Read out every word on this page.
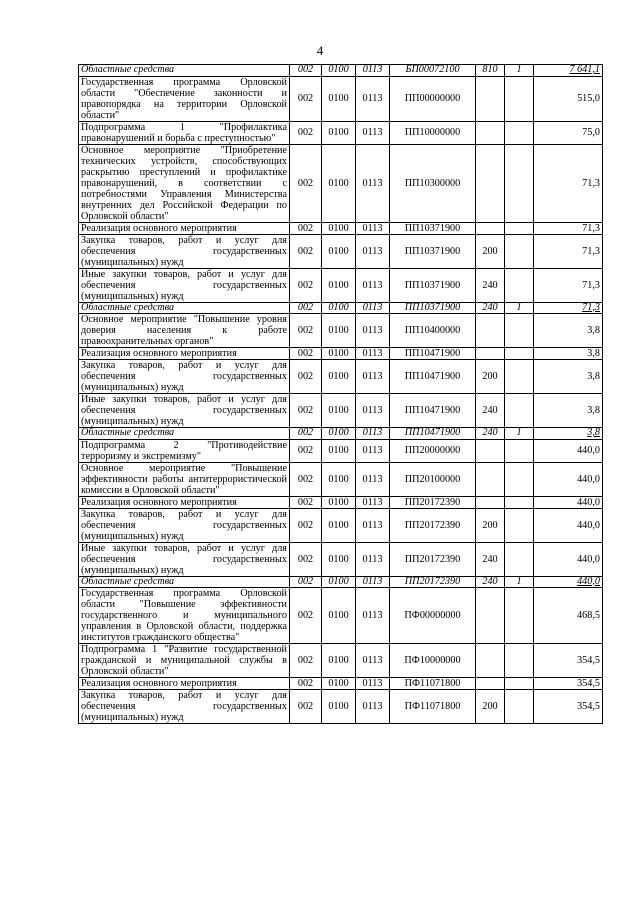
4
Областные средства	002	0100	0113	БП00072100	810	1	7 641,1
Государственная программа Орловской области "Обеспечение законности и правопорядка на территории Орловской области"	002	0100	0113	ПП00000000			515,0
Подпрограмма 1 "Профилактика правонарушений и борьба с преступностью"	002	0100	0113	ПП10000000			75,0
Основное мероприятие "Приобретение технических устройств, способствующих раскрытию преступлений и профилактике правонарушений, в соответствии с потребностями Управления Министерства внутренних дел Российской Федерации по Орловской области"	002	0100	0113	ПП10300000			71,3
Реализация основного мероприятия	002	0100	0113	ПП10371900			71,3
Закупка товаров, работ и услуг для обеспечения государственных (муниципальных) нужд	002	0100	0113	ПП10371900	200		71,3
Иные закупки товаров, работ и услуг для обеспечения государственных (муниципальных) нужд	002	0100	0113	ПП10371900	240		71,3
Областные средства	002	0100	0113	ПП10371900	240	1	71,3
Основное мероприятие "Повышение уровня доверия населения к работе правоохранительных органов"	002	0100	0113	ПП10400000			3,8
Реализация основного мероприятия	002	0100	0113	ПП10471900			3,8
Закупка товаров, работ и услуг для обеспечения государственных (муниципальных) нужд	002	0100	0113	ПП10471900	200		3,8
Иные закупки товаров, работ и услуг для обеспечения государственных (муниципальных) нужд	002	0100	0113	ПП10471900	240		3,8
Областные средства	002	0100	0113	ПП10471900	240	1	3,8
Подпрограмма 2 "Противодействие терроризму и экстремизму"	002	0100	0113	ПП20000000			440,0
Основное мероприятие "Повышение эффективности работы антитеррористической комиссии в Орловской области"	002	0100	0113	ПП20100000			440,0
Реализация основного мероприятия	002	0100	0113	ПП20172390			440,0
Закупка товаров, работ и услуг для обеспечения государственных (муниципальных) нужд	002	0100	0113	ПП20172390	200		440,0
Иные закупки товаров, работ и услуг для обеспечения государственных (муниципальных) нужд	002	0100	0113	ПП20172390	240		440,0
Областные средства	002	0100	0113	ПП20172390	240	1	440,0
Государственная программа Орловской области "Повышение эффективности государственного и муниципального управления в Орловской области, поддержка институтов гражданского общества"	002	0100	0113	ПФ00000000			468,5
Подпрограмма 1 "Развитие государственной гражданской и муниципальной службы в Орловской области"	002	0100	0113	ПФ10000000			354,5
Реализация основного мероприятия	002	0100	0113	ПФ11071800			354,5
Закупка товаров, работ и услуг для обеспечения государственных (муниципальных) нужд	002	0100	0113	ПФ11071800	200		354,5
